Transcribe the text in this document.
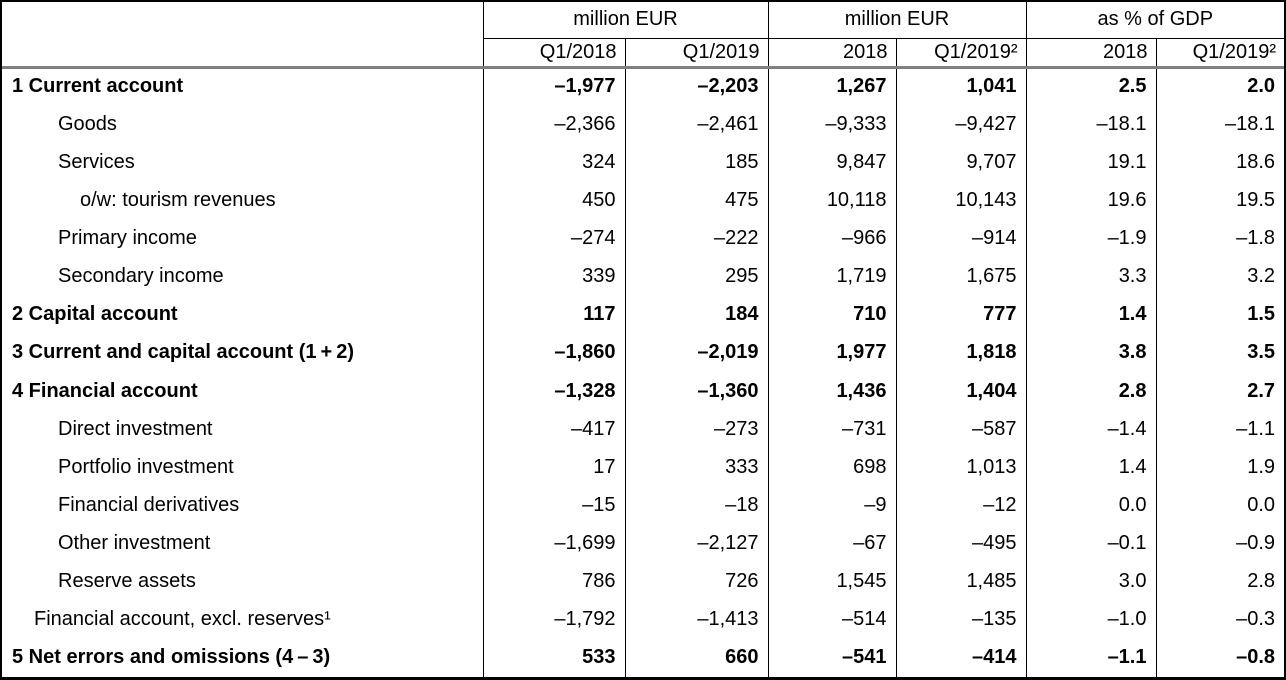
	million EUR		million EUR		as % of GDP	
	Q1/2018	Q1/2019	2018	Q1/2019²	2018	Q1/2019²
1 Current account	–1,977	–2,203	1,267	1,041	2.5	2.0
Goods	–2,366	–2,461	–9,333	–9,427	–18.1	–18.1
Services	324	185	9,847	9,707	19.1	18.6
o/w: tourism revenues	450	475	10,118	10,143	19.6	19.5
Primary income	–274	–222	–966	–914	–1.9	–1.8
Secondary income	339	295	1,719	1,675	3.3	3.2
2 Capital account	117	184	710	777	1.4	1.5
3 Current and capital account (1 + 2)	–1,860	–2,019	1,977	1,818	3.8	3.5
4 Financial account	–1,328	–1,360	1,436	1,404	2.8	2.7
Direct investment	–417	–273	–731	–587	–1.4	–1.1
Portfolio investment	17	333	698	1,013	1.4	1.9
Financial derivatives	–15	–18	–9	–12	0.0	0.0
Other investment	–1,699	–2,127	–67	–495	–0.1	–0.9
Reserve assets	786	726	1,545	1,485	3.0	2.8
Financial account, excl. reserves¹	–1,792	–1,413	–514	–135	–1.0	–0.3
5 Net errors and omissions (4 – 3)	533	660	–541	–414	–1.1	–0.8
